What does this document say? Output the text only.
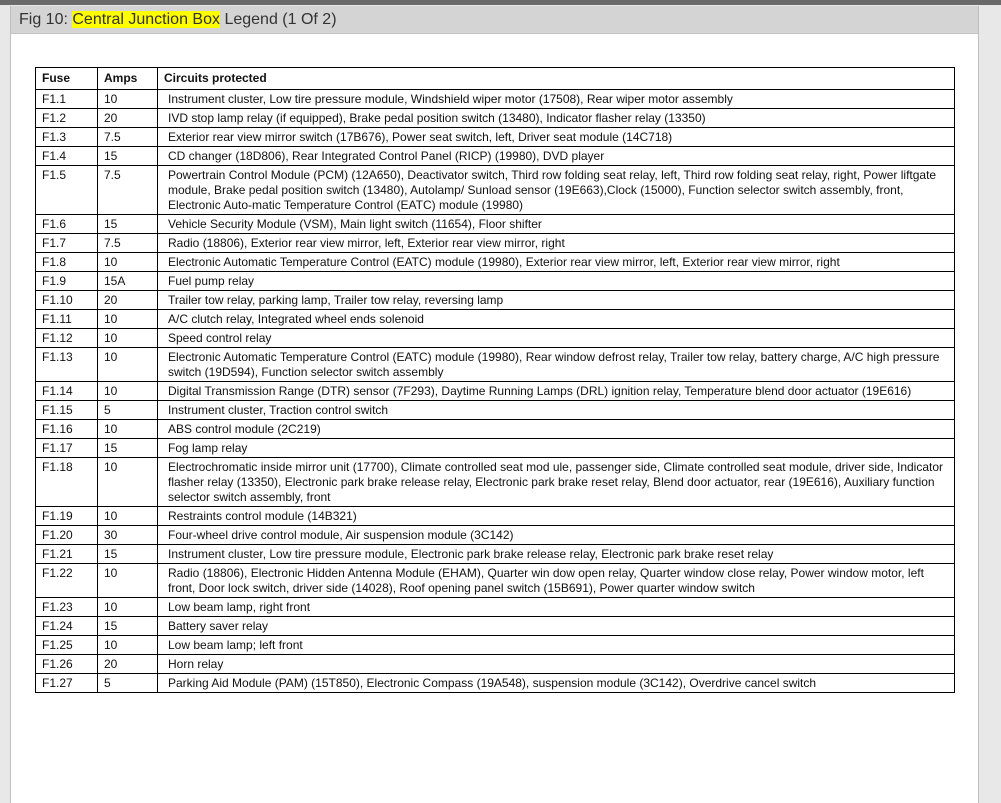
Fig 10: Central Junction Box Legend (1 Of 2)
Fuse	Amps	Circuits protected
F1.1	10	Instrument cluster, Low tire pressure module, Windshield wiper motor (17508), Rear wiper motor assembly
F1.2	20	IVD stop lamp relay (if equipped), Brake pedal position switch (13480), Indicator flasher relay (13350)
F1.3	7.5	Exterior rear view mirror switch (17B676), Power seat switch, left, Driver seat module (14C718)
F1.4	15	CD changer (18D806), Rear Integrated Control Panel (RICP) (19980), DVD player
F1.5	7.5	Powertrain Control Module (PCM) (12A650), Deactivator switch, Third row folding seat relay, left, Third row folding seat relay, right, Power liftgate module, Brake pedal position switch (13480), Autolamp/ Sunload sensor (19E663),Clock (15000), Function selector switch assembly, front, Electronic Auto-matic Temperature Control (EATC) module (19980)
F1.6	15	Vehicle Security Module (VSM), Main light switch (11654), Floor shifter
F1.7	7.5	Radio (18806), Exterior rear view mirror, left, Exterior rear view mirror, right
F1.8	10	Electronic Automatic Temperature Control (EATC) module (19980), Exterior rear view mirror, left, Exterior rear view mirror, right
F1.9	15A	Fuel pump relay
F1.10	20	Trailer tow relay, parking lamp, Trailer tow relay, reversing lamp
F1.11	10	A/C clutch relay, Integrated wheel ends solenoid
F1.12	10	Speed control relay
F1.13	10	Electronic Automatic Temperature Control (EATC) module (19980), Rear window defrost relay, Trailer tow relay, battery charge, A/C high pressure switch (19D594), Function selector switch assembly
F1.14	10	Digital Transmission Range (DTR) sensor (7F293), Daytime Running Lamps (DRL) ignition relay, Temperature blend door actuator (19E616)
F1.15	5	Instrument cluster, Traction control switch
F1.16	10	ABS control module (2C219)
F1.17	15	Fog lamp relay
F1.18	10	Electrochromatic inside mirror unit (17700), Climate controlled seat mod ule, passenger side, Climate controlled seat module, driver side, Indicator flasher relay (13350), Electronic park brake release relay, Electronic park brake reset relay, Blend door actuator, rear (19E616), Auxiliary function selector switch assembly, front
F1.19	10	Restraints control module (14B321)
F1.20	30	Four-wheel drive control module, Air suspension module (3C142)
F1.21	15	Instrument cluster, Low tire pressure module, Electronic park brake release relay, Electronic park brake reset relay
F1.22	10	Radio (18806), Electronic Hidden Antenna Module (EHAM), Quarter win dow open relay, Quarter window close relay, Power window motor, left front, Door lock switch, driver side (14028), Roof opening panel switch (15B691), Power quarter window switch
F1.23	10	Low beam lamp, right front
F1.24	15	Battery saver relay
F1.25	10	Low beam lamp; left front
F1.26	20	Horn relay
F1.27	5	Parking Aid Module (PAM) (15T850), Electronic Compass (19A548), suspension module (3C142), Overdrive cancel switch
